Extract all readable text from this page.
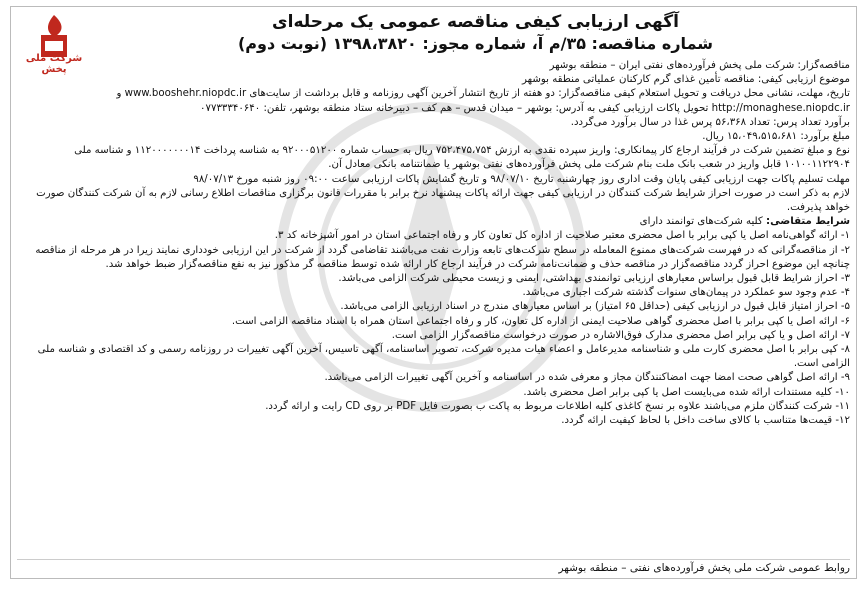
شرکت ملی پخش
آگهی ارزیابی کیفی مناقصه عمومی یک مرحله‌ای
شماره مناقصه: ۳۵/م آ، شماره مجوز: ۱۳۹۸،۳۸۲۰ (نوبت دوم)

مناقصه‌گزار: شرکت ملی پخش فرآورده‌های نفتی ایران – منطقه بوشهر

موضوع ارزیابی کیفی: مناقصه تأمین غذای گرم کارکنان عملیاتی منطقه بوشهر

تاریخ، مهلت، نشانی محل دریافت و تحویل استعلام کیفی مناقصه‌گزار: دو هفته از تاریخ انتشار آخرین آگهی روزنامه و قابل برداشت از سایت‌های www.booshehr.niopdc.ir و http://monaghese.niopdc.ir تحویل پاکات ارزیابی کیفی به آدرس: بوشهر – میدان قدس – هم کف – دبیرخانه ستاد منطقه بوشهر، تلفن: ۰۷۷۳۳۳۴۰۶۴۰

برآورد تعداد پرس: تعداد ۵۶،۳۶۸ پرس غذا در سال برآورد می‌گردد.

مبلغ برآورد: ۱۵،۰۴۹،۵۱۵،۶۸۱ ریال.

نوع و مبلغ تضمین شرکت در فرآیند ارجاع کار پیمانکاری: واریز سپرده نقدی به ارزش ۷۵۲،۴۷۵،۷۵۴ ریال به حساب شماره ۹۲۰۰۰۵۱۲۰۰ به شناسه پرداخت ۱۱۲۰۰۰۰۰۰۰۱۴ و شناسه ملی ۱۰۱۰۰۱۱۲۲۹۰۴ قابل واریز در شعب بانک ملت بنام شرکت ملی پخش فرآورده‌های نفتی بوشهر یا ضمانتنامه بانکی معادل آن.

مهلت تسلیم پاکات جهت ارزیابی کیفی پایان وقت اداری روز چهارشنبه تاریخ ۹۸/۰۷/۱۰ و تاریخ گشایش پاکات ارزیابی ساعت ۰۹:۰۰ روز شنبه مورخ ۹۸/۰۷/۱۳

لازم به ذکر است در صورت احراز شرایط شرکت کنندگان در ارزیابی کیفی جهت ارائه پاکات پیشنهاد نرخ برابر با مقررات قانون برگزاری مناقصات اطلاع رسانی لازم به آن شرکت کنندگان صورت خواهد پذیرفت.

شرایط متقاضی: کلیه شرکت‌های توانمند دارای

۱- ارائه گواهی‌نامه اصل یا کپی برابر با اصل محضری معتبر صلاحیت از اداره کل تعاون کار و رفاه اجتماعی استان در امور آشپزخانه کد ۳.

۲- از مناقصه‌گرانی که در فهرست شرکت‌های ممنوع المعامله در سطح شرکت‌های تابعه وزارت نفت می‌باشند تقاضامی گردد از شرکت در این ارزیابی خودداری نمایند زیرا در هر مرحله از مناقصه چنانچه این موضوع احراز گردد مناقصه‌گزار در مناقصه حذف و ضمانت‌نامه شرکت در فرآیند ارجاع کار ارائه شده توسط مناقصه گر مذکور نیز به نفع مناقصه‌گزار ضبط خواهد شد.

۳- احراز شرایط قابل قبول براساس معیارهای ارزیابی توانمندی بهداشتی، ایمنی و زیست محیطی شرکت الزامی می‌باشد.

۴- عدم وجود سو عملکرد در پیمان‌های سنوات گذشته شرکت اجباری می‌باشد.

۵- احراز امتیاز قابل قبول در ارزیابی کیفی (حداقل ۶۵ امتیاز) بر اساس معیارهای مندرج در اسناد ارزیابی الزامی می‌باشد.

۶- ارائه اصل یا کپی برابر با اصل محضری گواهی صلاحیت ایمنی از اداره کل تعاون، کار و رفاه اجتماعی استان همراه با اسناد مناقصه الزامی است.

۷- ارائه اصل و یا کپی برابر اصل محضری مدارک فوق‌الاشاره در صورت درخواست مناقصه‌گزار الزامی است.

۸- کپی برابر با اصل محضری کارت ملی و شناسنامه مدیرعامل و اعضاء هیات مدیره شرکت، تصویر اساسنامه، آگهی تاسیس، آخرین آگهی تغییرات در روزنامه رسمی و کد اقتصادی و شناسه ملی الزامی است.

۹- ارائه اصل گواهی صحت امضا جهت امضاکنندگان مجاز و معرفی شده در اساسنامه و آخرین آگهی تغییرات الزامی می‌باشد.

۱۰- کلیه مستندات ارائه شده می‌بایست اصل یا کپی برابر اصل محضری باشد.

۱۱- شرکت کنندگان ملزم می‌باشند علاوه بر نسخ کاغذی کلیه اطلاعات مربوط به پاکت ب بصورت فایل PDF بر روی CD رایت و ارائه گردد.

۱۲- قیمت‌ها متناسب با کالای ساخت داخل با لحاظ کیفیت ارائه گردد.

روابط عمومی شرکت ملی پخش فرآورده‌های نفتی – منطقه بوشهر
